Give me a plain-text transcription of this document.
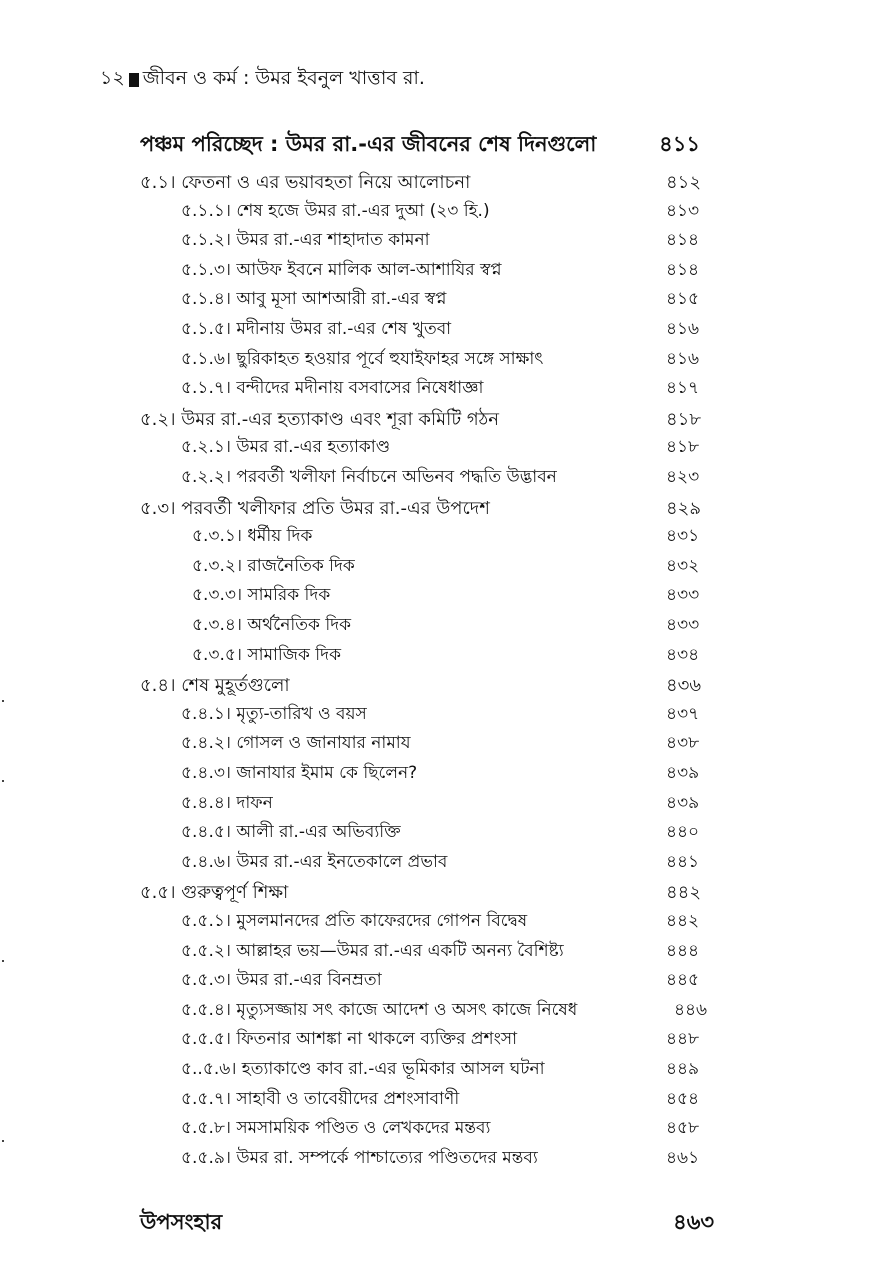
১২ জীবন ও কর্ম : উমর ইবনুল খাত্তাব রা.
পঞ্চম পরিচ্ছেদ : উমর রা.-এর জীবনের শেষ দিনগুলো	৪১১
৫.১। ফেতনা ও এর ভয়াবহতা নিয়ে আলোচনা	৪১২
৫.১.১। শেষ হজে উমর রা.-এর দুআ (২৩ হি.)	৪১৩
৫.১.২। উমর রা.-এর শাহাদাত কামনা	৪১৪
৫.১.৩। আউফ ইবনে মালিক আল-আশাযির স্বপ্ন	৪১৪
৫.১.৪। আবু মূসা আশআরী রা.-এর স্বপ্ন	৪১৫
৫.১.৫। মদীনায় উমর রা.-এর শেষ খুতবা	৪১৬
৫.১.৬। ছুরিকাহত হওয়ার পূর্বে হুযাইফাহর সঙ্গে সাক্ষাৎ	৪১৬
৫.১.৭। বন্দীদের মদীনায় বসবাসের নিষেধাজ্ঞা	৪১৭
৫.২। উমর রা.-এর হত্যাকাণ্ড এবং শূরা কমিটি গঠন	৪১৮
৫.২.১। উমর রা.-এর হত্যাকাণ্ড	৪১৮
৫.২.২। পরবর্তী খলীফা নির্বাচনে অভিনব পদ্ধতি উদ্ভাবন	৪২৩
৫.৩। পরবর্তী খলীফার প্রতি উমর রা.-এর উপদেশ	৪২৯
৫.৩.১। ধর্মীয় দিক	৪৩১
৫.৩.২। রাজনৈতিক দিক	৪৩২
৫.৩.৩। সামরিক দিক	৪৩৩
৫.৩.৪। অর্থনৈতিক দিক	৪৩৩
৫.৩.৫। সামাজিক দিক	৪৩৪
৫.৪। শেষ মুহূর্তগুলো	৪৩৬
৫.৪.১। মৃত্যু-তারিখ ও বয়স	৪৩৭
৫.৪.২। গোসল ও জানাযার নামায	৪৩৮
৫.৪.৩। জানাযার ইমাম কে ছিলেন?	৪৩৯
৫.৪.৪। দাফন	৪৩৯
৫.৪.৫। আলী রা.-এর অভিব্যক্তি	৪৪০
৫.৪.৬। উমর রা.-এর ইনতেকালে প্রভাব	৪৪১
৫.৫। গুরুত্বপূর্ণ শিক্ষা	৪৪২
৫.৫.১। মুসলমানদের প্রতি কাফেরদের গোপন বিদ্বেষ	৪৪২
৫.৫.২। আল্লাহর ভয়—উমর রা.-এর একটি অনন্য বৈশিষ্ট্য	৪৪৪
৫.৫.৩। উমর রা.-এর বিনম্রতা	৪৪৫
৫.৫.৪। মৃত্যুসজ্জায় সৎ কাজে আদেশ ও অসৎ কাজে নিষেধ	৪৪৬
৫.৫.৫। ফিতনার আশঙ্কা না থাকলে ব্যক্তির প্রশংসা	৪৪৮
৫..৫.৬। হত্যাকাণ্ডে কাব রা.-এর ভূমিকার আসল ঘটনা	৪৪৯
৫.৫.৭। সাহাবী ও তাবেয়ীদের প্রশংসাবাণী	৪৫৪
৫.৫.৮। সমসাময়িক পণ্ডিত ও লেখকদের মন্তব্য	৪৫৮
৫.৫.৯। উমর রা. সম্পর্কে পাশ্চাত্যের পণ্ডিতদের মন্তব্য	৪৬১
উপসংহার	৪৬৩
